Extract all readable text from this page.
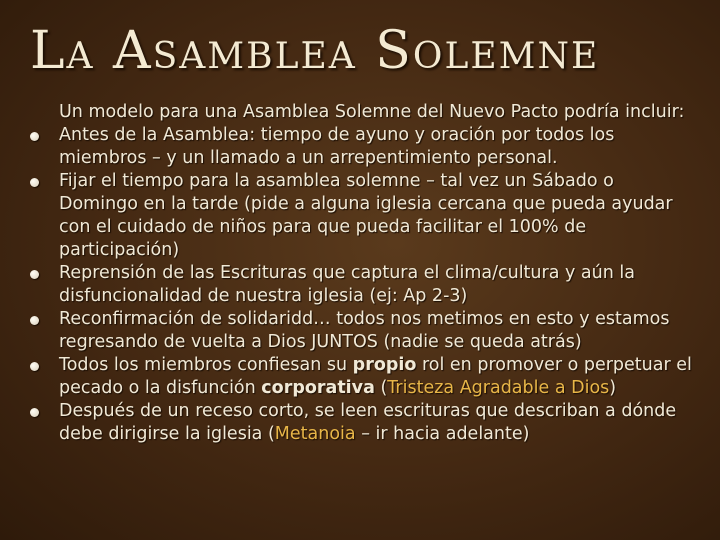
La Asamblea Solemne

Un modelo para una Asamblea Solemne del Nuevo Pacto podría incluir:

Antes de la Asamblea: tiempo de ayuno y oración por todos los miembros – y un llamado a un arrepentimiento personal.
Fijar el tiempo para la asamblea solemne – tal vez un Sábado o Domingo en la tarde (pide a alguna iglesia cercana que pueda ayudar con el cuidado de niños para que pueda facilitar el 100% de participación)
Reprensión de las Escrituras que captura el clima/cultura y aún la disfuncionalidad de nuestra iglesia (ej: Ap 2-3)
Reconfirmación de solidaridd… todos nos metimos en esto y estamos regresando de vuelta a Dios JUNTOS (nadie se queda atrás)
Todos los miembros confiesan su propio rol en promover o perpetuar el pecado o la disfunción corporativa (Tristeza Agradable a Dios)
Después de un receso corto, se leen escrituras que describan a dónde debe dirigirse la iglesia (Metanoia – ir hacia adelante)
